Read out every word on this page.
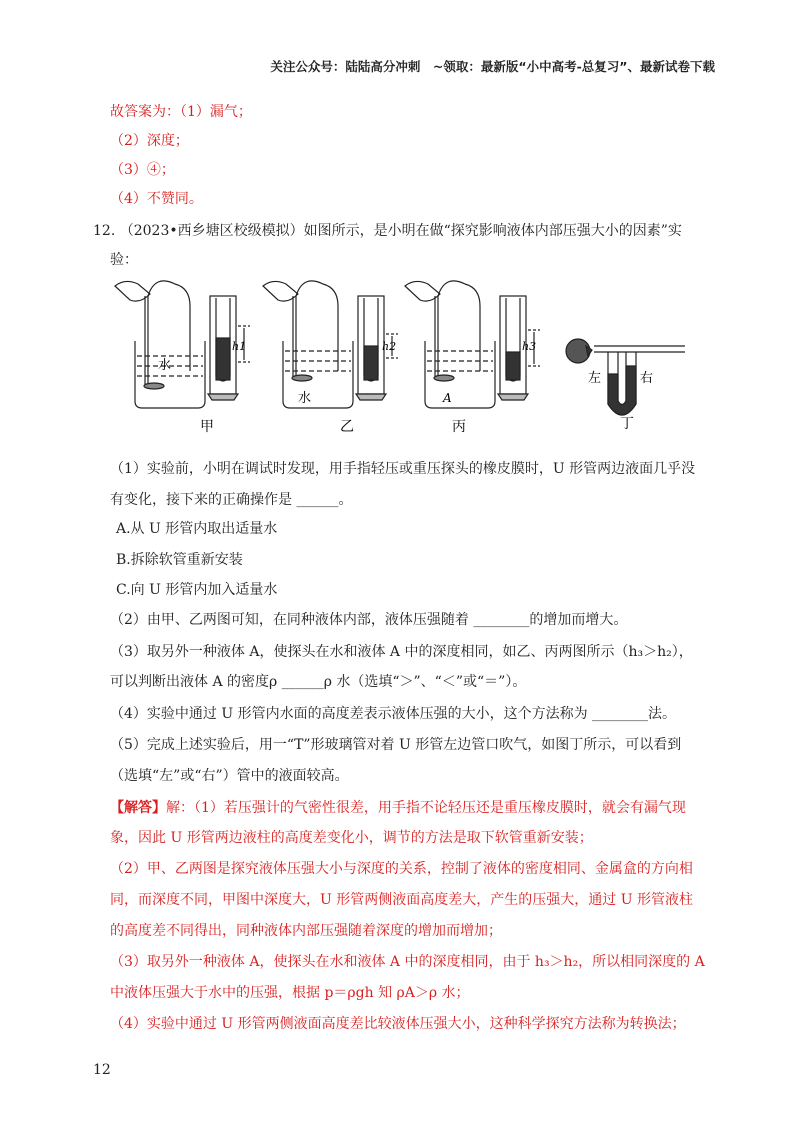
关注公众号：陆陆高分冲刺　~领取：最新版“小中高考-总复习”、最新试卷下载
故答案为：（1）漏气；
（2）深度；
（3）④；
（4）不赞同。
12. （2023•西乡塘区校级模拟）如图所示，是小明在做“探究影响液体内部压强大小的因素”实
验：
水
h1
水
h2
A
h3
左	右
甲	乙	丙	丁
（1）实验前，小明在调试时发现，用手指轻压或重压探头的橡皮膜时，U 形管两边液面几乎没
有变化，接下来的正确操作是 ______。
A.从 U 形管内取出适量水
B.拆除软管重新安装
C.向 U 形管内加入适量水
（2）由甲、乙两图可知，在同种液体内部，液体压强随着 ________的增加而增大。
（3）取另外一种液体 A，使探头在水和液体 A 中的深度相同，如乙、丙两图所示（h₃＞h₂），
可以判断出液体 A 的密度ρ ______ρ 水（选填“＞”、“＜”或“＝”）。
（4）实验中通过 U 形管内水面的高度差表示液体压强的大小，这个方法称为 ________法。
（5）完成上述实验后，用一“T”形玻璃管对着 U 形管左边管口吹气，如图丁所示，可以看到
（选填“左”或“右”）管中的液面较高。
【解答】解：（1）若压强计的气密性很差，用手指不论轻压还是重压橡皮膜时，就会有漏气现
象，因此 U 形管两边液柱的高度差变化小，调节的方法是取下软管重新安装；
（2）甲、乙两图是探究液体压强大小与深度的关系，控制了液体的密度相同、金属盒的方向相
同，而深度不同，甲图中深度大，U 形管两侧液面高度差大，产生的压强大，通过 U 形管液柱
的高度差不同得出，同种液体内部压强随着深度的增加而增加；
（3）取另外一种液体 A，使探头在水和液体 A 中的深度相同，由于 h₃＞h₂，所以相同深度的 A
中液体压强大于水中的压强，根据 p＝ρgh 知 ρA＞ρ 水；
（4）实验中通过 U 形管两侧液面高度差比较液体压强大小，这种科学探究方法称为转换法；
12
